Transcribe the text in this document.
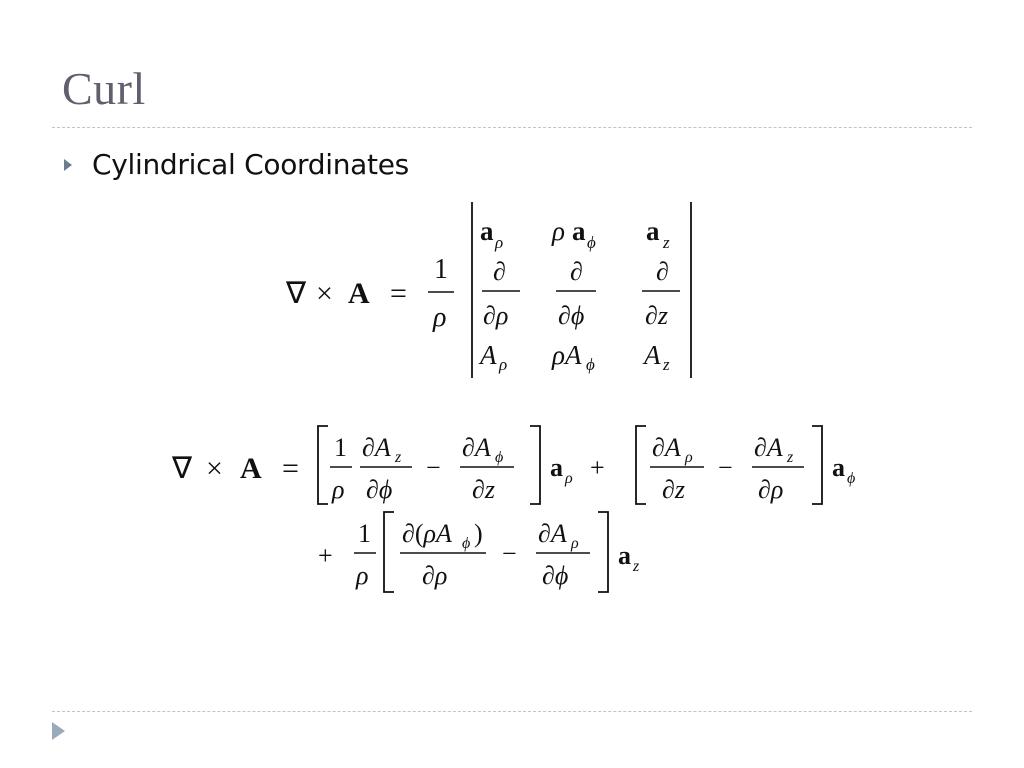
Curl
Cylindrical Coordinates
∇ × A =
1
ρ
a ρ ρ a ϕ a z
∂
∂ρ
∂
∂ϕ
∂
∂z
A ρ ρA ϕ A z
∇ × A =
1
ρ
∂A z
∂ϕ
−
∂A ϕ
∂z
a ρ +
∂A ρ
∂z
−
∂A z
∂ρ
a ϕ
+
1
ρ
∂(ρA ϕ )
∂ρ
−
∂A ρ
∂ϕ
a z
